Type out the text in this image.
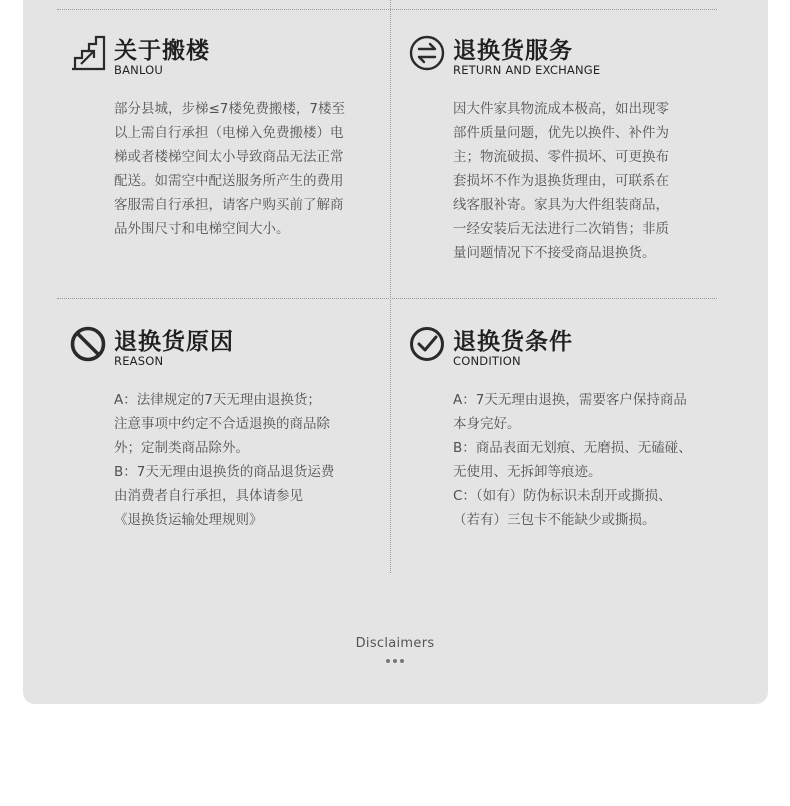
关于搬楼
BANLOU

部分县城，步梯≤7楼免费搬楼，7楼至

以上需自行承担（电梯入免费搬楼）电

梯或者楼梯空间太小导致商品无法正常

配送。如需空中配送服务所产生的费用

客服需自行承担，请客户购买前了解商

品外围尺寸和电梯空间大小。

退换货服务
RETURN AND EXCHANGE

因大件家具物流成本极高，如出现零

部件质量问题，优先以换件、补件为

主；物流破损、零件损坏、可更换布

套损坏不作为退换货理由，可联系在

线客服补寄。家具为大件组装商品，

一经安装后无法进行二次销售；非质

量问题情况下不接受商品退换货。

退换货原因
REASON

A：法律规定的7天无理由退换货；

注意事项中约定不合适退换的商品除

外；定制类商品除外。

B：7天无理由退换货的商品退货运费

由消费者自行承担，具体请参见

《退换货运输处理规则》

退换货条件
CONDITION

A：7天无理由退换，需要客户保持商品

本身完好。

B：商品表面无划痕、无磨损、无磕碰、

无使用、无拆卸等痕迹。

C：（如有）防伪标识未刮开或撕损、

（若有）三包卡不能缺少或撕损。

Disclaimers
